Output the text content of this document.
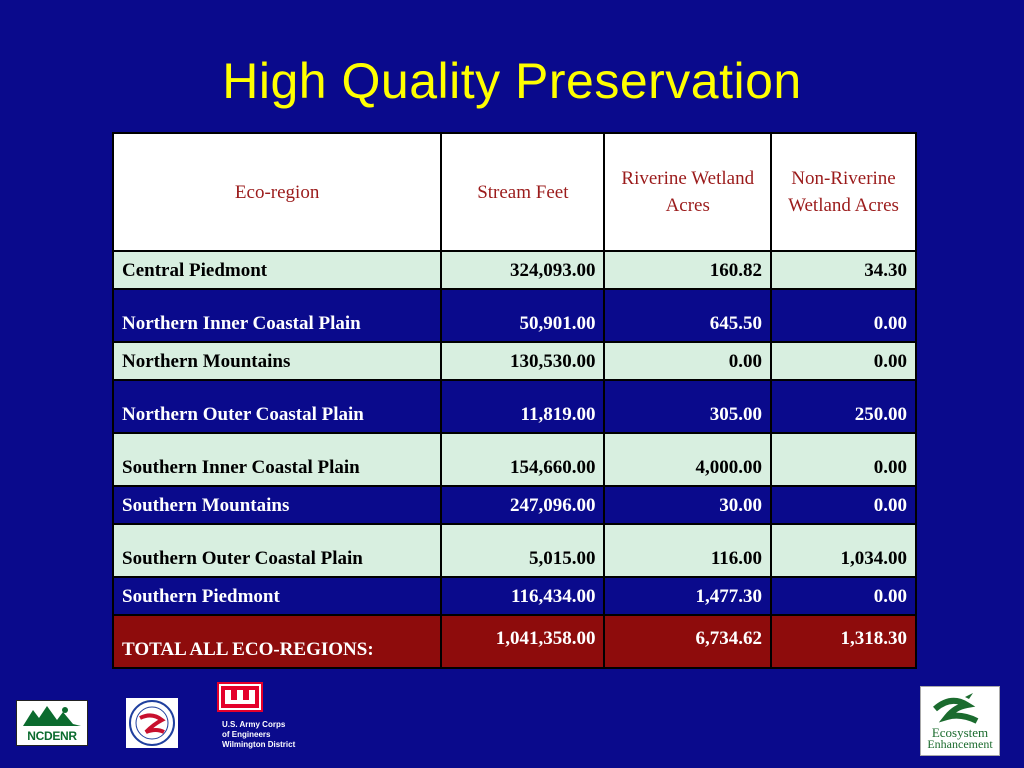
High Quality Preservation
Eco-region	Stream Feet	Riverine Wetland Acres	Non-Riverine Wetland Acres
Central Piedmont	324,093.00	160.82	34.30
Northern Inner Coastal Plain	50,901.00	645.50	0.00
Northern Mountains	130,530.00	0.00	0.00
Northern Outer Coastal Plain	11,819.00	305.00	250.00
Southern Inner Coastal Plain	154,660.00	4,000.00	0.00
Southern Mountains	247,096.00	30.00	0.00
Southern Outer Coastal Plain	5,015.00	116.00	1,034.00
Southern Piedmont	116,434.00	1,477.30	0.00
TOTAL ALL ECO-REGIONS:	1,041,358.00	6,734.62	1,318.30
NCDENR
U.S. Army Corps
of Engineers
Wilmington District
Ecosystem
Enhancement
